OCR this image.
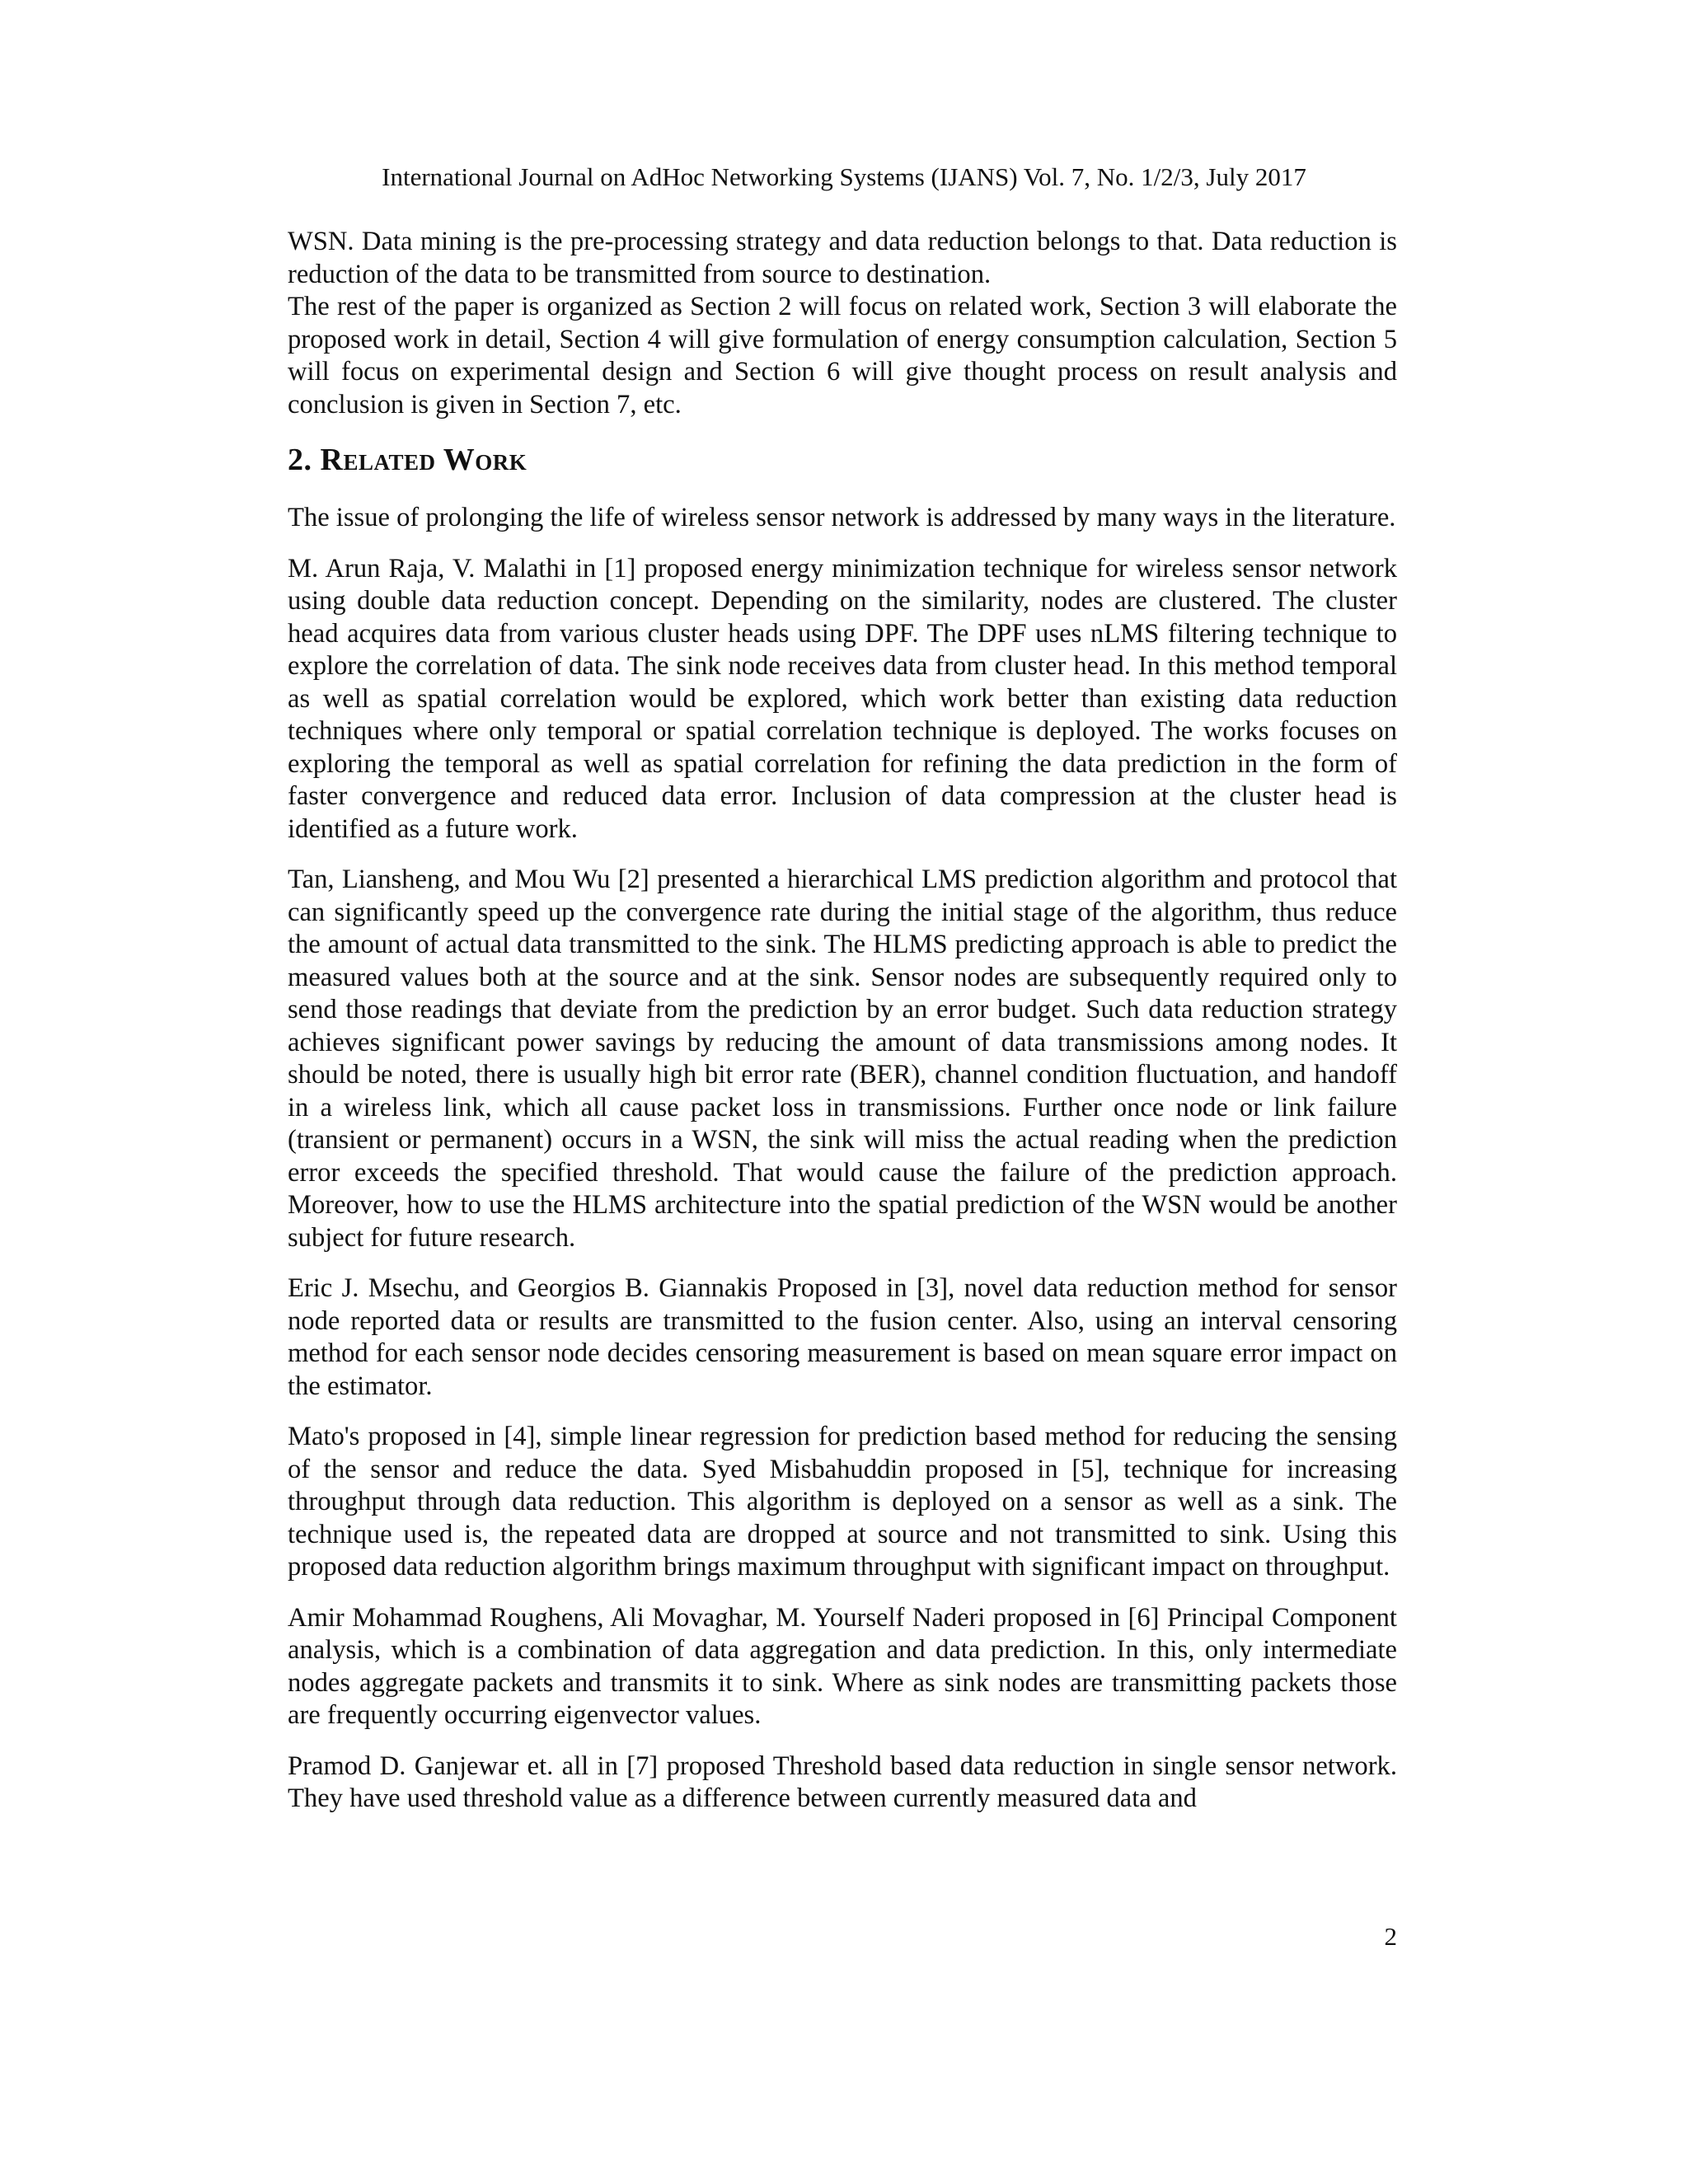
International Journal on AdHoc Networking Systems (IJANS) Vol. 7, No. 1/2/3, July 2017

WSN. Data mining is the pre-processing strategy and data reduction belongs to that. Data reduction is reduction of the data to be transmitted from source to destination.

The rest of the paper is organized as Section 2 will focus on related work, Section 3 will elaborate the proposed work in detail, Section 4 will give formulation of energy consumption calculation, Section 5 will focus on experimental design and Section 6 will give thought process on result analysis and conclusion is given in Section 7, etc.

2. Related Work

The issue of prolonging the life of wireless sensor network is addressed by many ways in the literature.

M. Arun Raja, V. Malathi in [1] proposed energy minimization technique for wireless sensor network using double data reduction concept. Depending on the similarity, nodes are clustered. The cluster head acquires data from various cluster heads using DPF. The DPF uses nLMS filtering technique to explore the correlation of data. The sink node receives data from cluster head. In this method temporal as well as spatial correlation would be explored, which work better than existing data reduction techniques where only temporal or spatial correlation technique is deployed. The works focuses on exploring the temporal as well as spatial correlation for refining the data prediction in the form of faster convergence and reduced data error. Inclusion of data compression at the cluster head is identified as a future work.

Tan, Liansheng, and Mou Wu [2] presented a hierarchical LMS prediction algorithm and protocol that can significantly speed up the convergence rate during the initial stage of the algorithm, thus reduce the amount of actual data transmitted to the sink. The HLMS predicting approach is able to predict the measured values both at the source and at the sink. Sensor nodes are subsequently required only to send those readings that deviate from the prediction by an error budget. Such data reduction strategy achieves significant power savings by reducing the amount of data transmissions among nodes. It should be noted, there is usually high bit error rate (BER), channel condition fluctuation, and handoff in a wireless link, which all cause packet loss in transmissions. Further once node or link failure (transient or permanent) occurs in a WSN, the sink will miss the actual reading when the prediction error exceeds the specified threshold. That would cause the failure of the prediction approach. Moreover, how to use the HLMS architecture into the spatial prediction of the WSN would be another subject for future research.

Eric J. Msechu, and Georgios B. Giannakis Proposed in [3], novel data reduction method for sensor node reported data or results are transmitted to the fusion center. Also, using an interval censoring method for each sensor node decides censoring measurement is based on mean square error impact on the estimator.

Mato's proposed in [4], simple linear regression for prediction based method for reducing the sensing of the sensor and reduce the data. Syed Misbahuddin proposed in [5], technique for increasing throughput through data reduction. This algorithm is deployed on a sensor as well as a sink. The technique used is, the repeated data are dropped at source and not transmitted to sink. Using this proposed data reduction algorithm brings maximum throughput with significant impact on throughput.

Amir Mohammad Roughens, Ali Movaghar, M. Yourself Naderi proposed in [6] Principal Component analysis, which is a combination of data aggregation and data prediction. In this, only intermediate nodes aggregate packets and transmits it to sink. Where as sink nodes are transmitting packets those are frequently occurring eigenvector values.

Pramod D. Ganjewar et. all in [7] proposed Threshold based data reduction in single sensor network. They have used threshold value as a difference between currently measured data and

2
